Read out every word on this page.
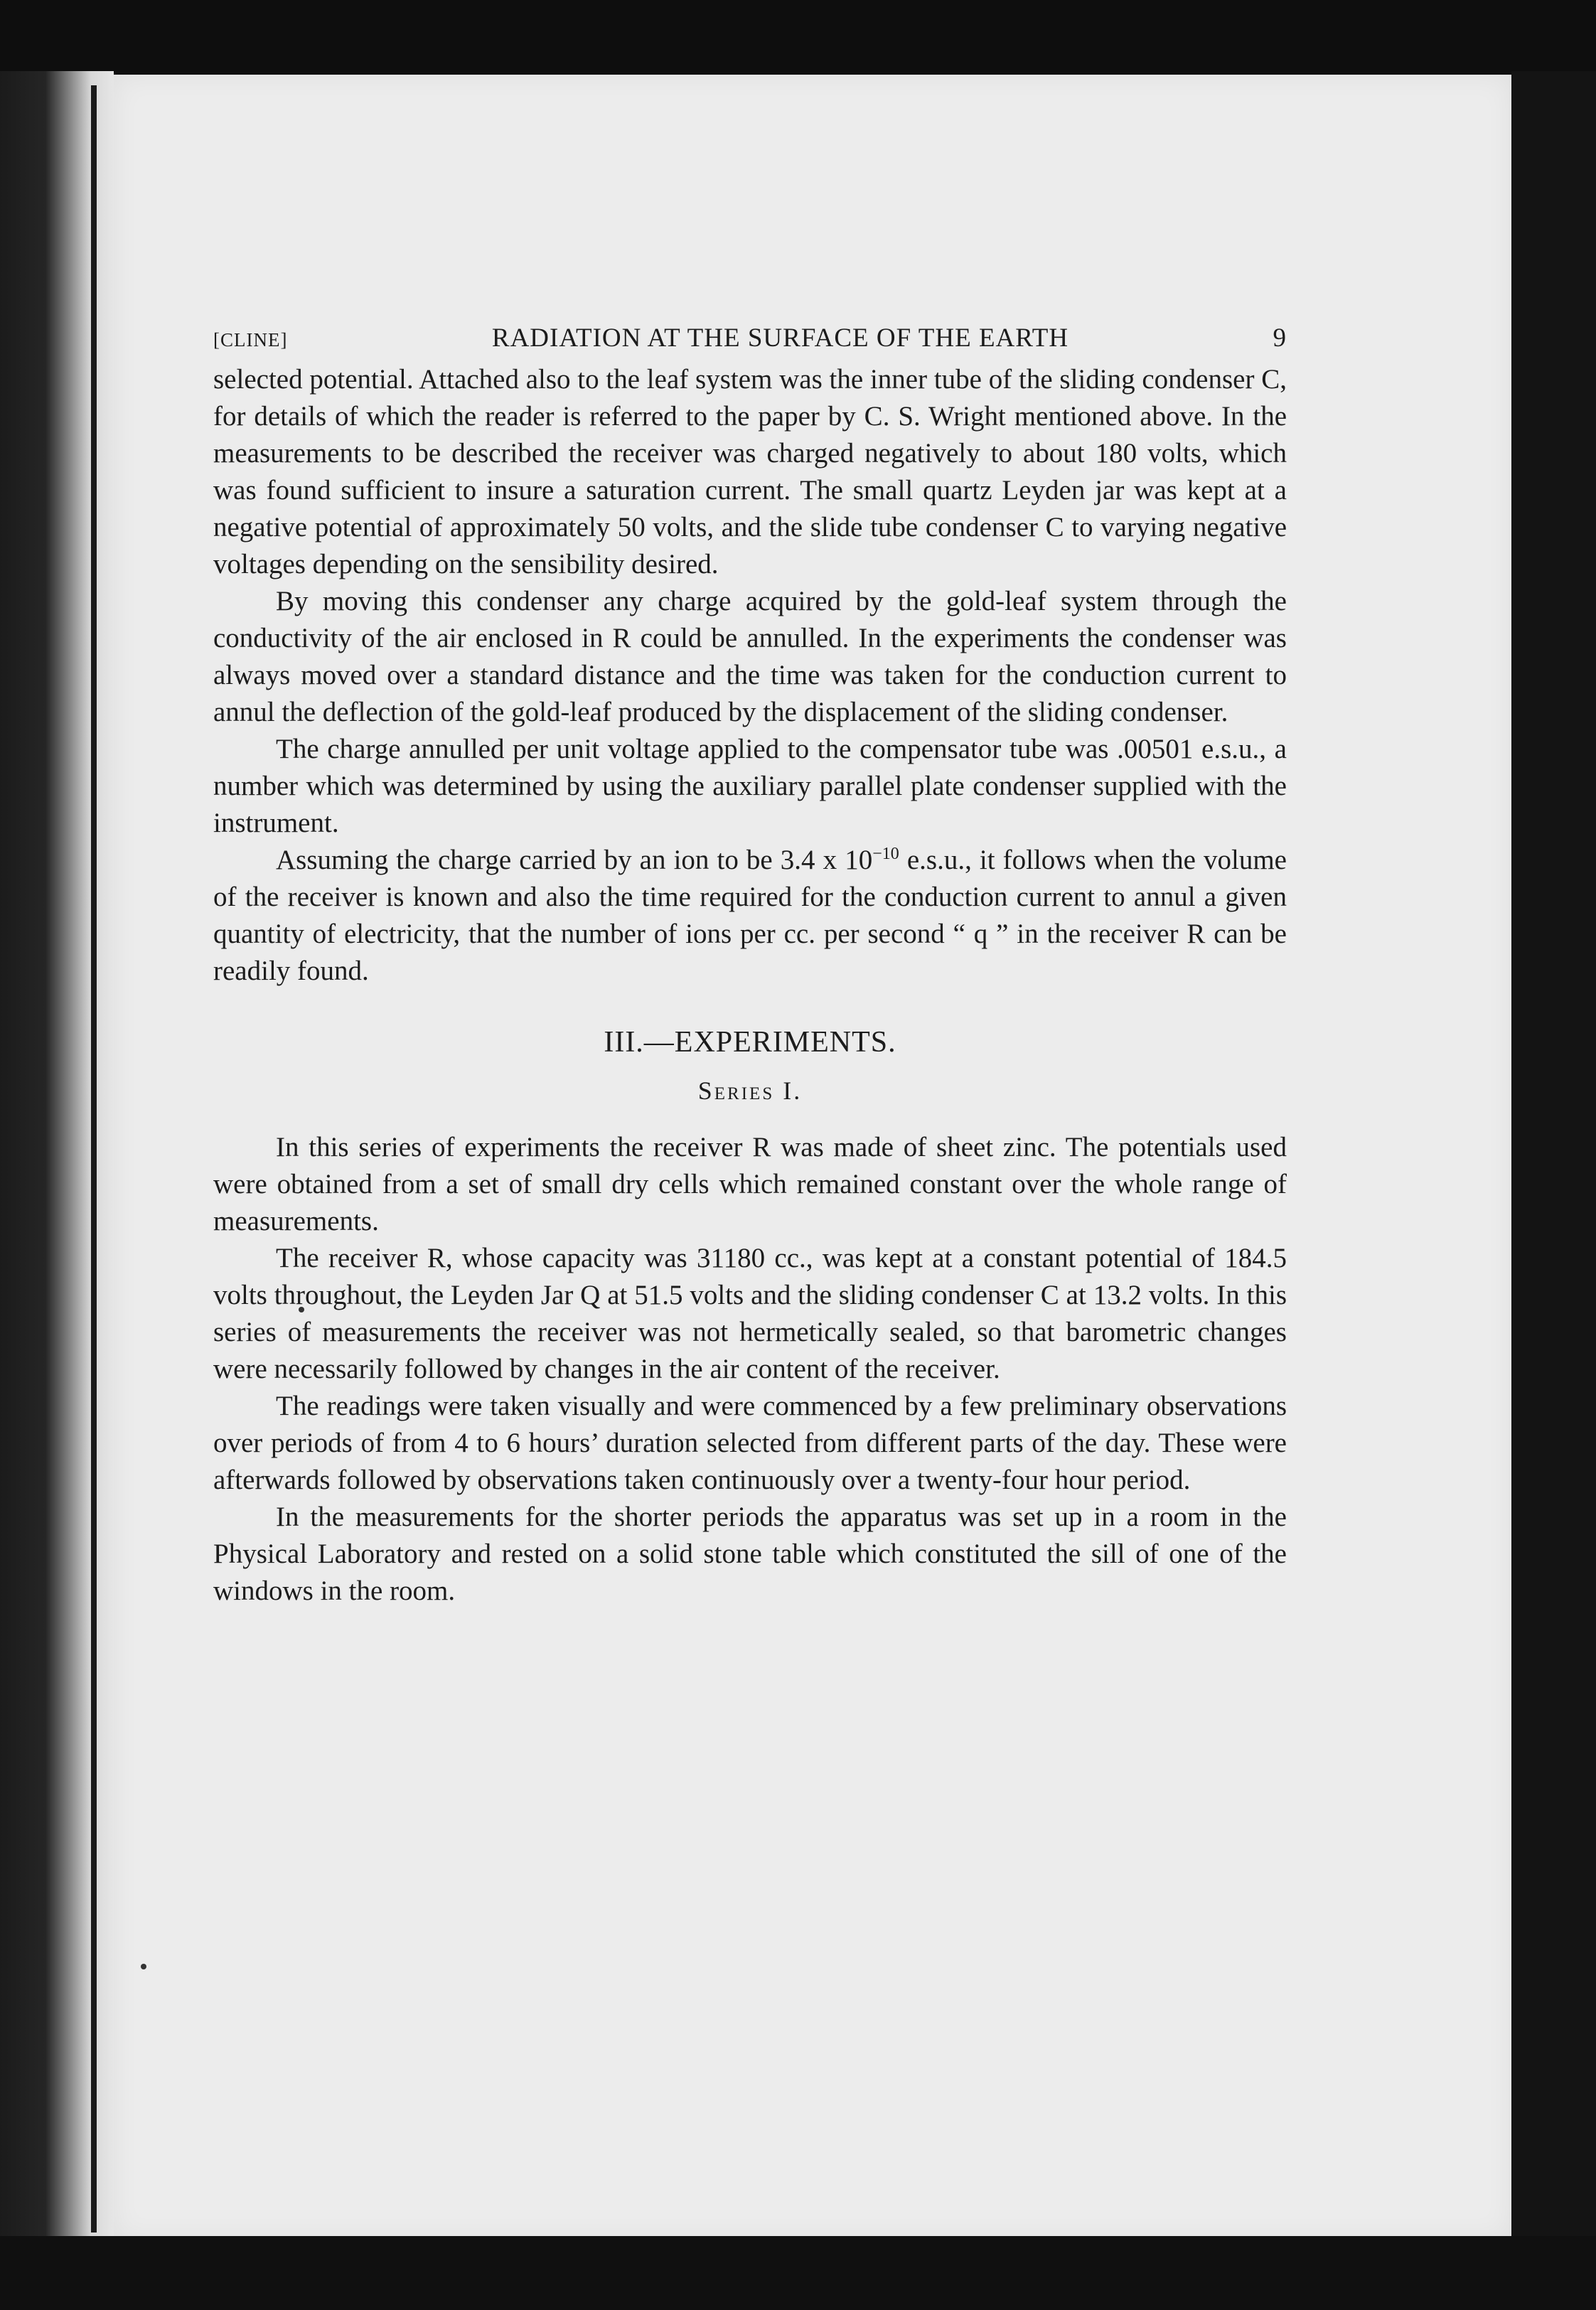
[CLINE]	RADIATION AT THE SURFACE OF THE EARTH	9

selected potential. Attached also to the leaf system was the inner tube of the sliding condenser C, for details of which the reader is referred to the paper by C. S. Wright mentioned above. In the measurements to be described the receiver was charged negatively to about 180 volts, which was found sufficient to insure a saturation current. The small quartz Leyden jar was kept at a negative potential of approximately 50 volts, and the slide tube condenser C to varying negative voltages depending on the sensibility desired.

By moving this condenser any charge acquired by the gold-leaf system through the conductivity of the air enclosed in R could be annulled. In the experiments the condenser was always moved over a standard distance and the time was taken for the conduction current to annul the deflection of the gold-leaf produced by the displacement of the sliding condenser.

The charge annulled per unit voltage applied to the compensator tube was .00501 e.s.u., a number which was determined by using the auxiliary parallel plate condenser supplied with the instrument.

Assuming the charge carried by an ion to be 3.4 x $10^{-10}$ e.s.u., it follows when the volume of the receiver is known and also the time required for the conduction current to annul a given quantity of electricity, that the number of ions per cc. per second “ q ” in the receiver R can be readily found.

III.—EXPERIMENTS.
Series I.

In this series of experiments the receiver R was made of sheet zinc. The potentials used were obtained from a set of small dry cells which remained constant over the whole range of measurements.

The receiver R, whose capacity was 31180 cc., was kept at a constant potential of 184.5 volts throughout, the Leyden Jar Q at 51.5 volts and the sliding condenser C at 13.2 volts. In this series of measurements the receiver was not hermetically sealed, so that barometric changes were necessarily followed by changes in the air content of the receiver.

The readings were taken visually and were commenced by a few preliminary observations over periods of from 4 to 6 hours’ duration selected from different parts of the day. These were afterwards followed by observations taken continuously over a twenty-four hour period.

In the measurements for the shorter periods the apparatus was set up in a room in the Physical Laboratory and rested on a solid stone table which constituted the sill of one of the windows in the room.
